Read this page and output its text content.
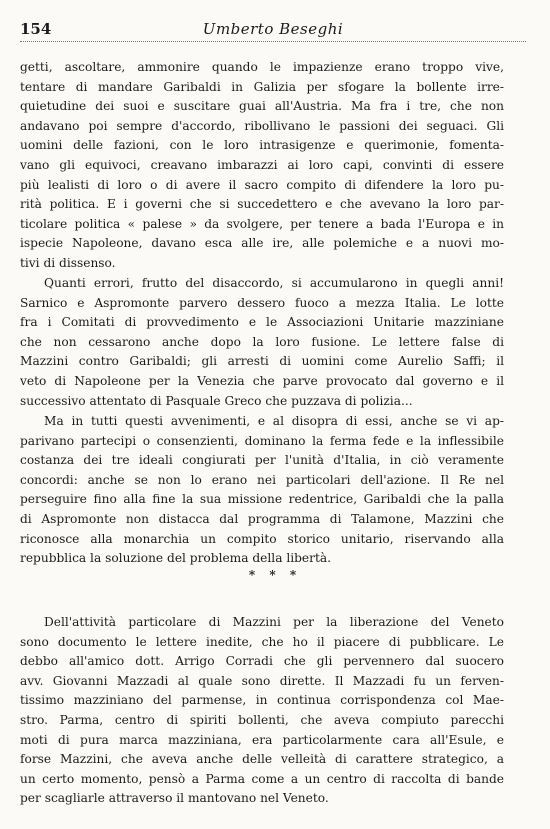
154	Umberto Beseghi
getti, ascoltare, ammonire quando le impazienze erano troppo vive,
tentare di mandare Garibaldi in Galizia per sfogare la bollente irre-
quietudine dei suoi e suscitare guai all'Austria. Ma fra i tre, che non
andavano poi sempre d'accordo, ribollivano le passioni dei seguaci. Gli
uomini delle fazioni, con le loro intrasigenze e querimonie, fomenta-
vano gli equivoci, creavano imbarazzi ai loro capi, convinti di essere
più lealisti di loro o di avere il sacro compito di difendere la loro pu-
rità politica. E i governi che si succedettero e che avevano la loro par-
ticolare politica « palese » da svolgere, per tenere a bada l'Europa e in
ispecie Napoleone, davano esca alle ire, alle polemiche e a nuovi mo-
tivi di dissenso.
Quanti errori, frutto del disaccordo, si accumularono in quegli anni!
Sarnico e Aspromonte parvero dessero fuoco a mezza Italia. Le lotte
fra i Comitati di provvedimento e le Associazioni Unitarie mazziniane
che non cessarono anche dopo la loro fusione. Le lettere false di
Mazzini contro Garibaldi; gli arresti di uomini come Aurelio Saffi; il
veto di Napoleone per la Venezia che parve provocato dal governo e il
successivo attentato di Pasquale Greco che puzzava di polizia...
Ma in tutti questi avvenimenti, e al disopra di essi, anche se vi ap-
parivano partecipi o consenzienti, dominano la ferma fede e la inflessibile
costanza dei tre ideali congiurati per l'unità d'Italia, in ciò veramente
concordi: anche se non lo erano nei particolari dell'azione. Il Re nel
perseguire fino alla fine la sua missione redentrice, Garibaldi che la palla
di Aspromonte non distacca dal programma di Talamone, Mazzini che
riconosce alla monarchia un compito storico unitario, riservando alla
repubblica la soluzione del problema della libertà.
* * *
Dell'attività particolare di Mazzini per la liberazione del Veneto
sono documento le lettere inedite, che ho il piacere di pubblicare. Le
debbo all'amico dott. Arrigo Corradi che gli pervennero dal suocero
avv. Giovanni Mazzadi al quale sono dirette. Il Mazzadi fu un ferven-
tissimo mazziniano del parmense, in continua corrispondenza col Mae-
stro. Parma, centro di spiriti bollenti, che aveva compiuto parecchi
moti di pura marca mazziniana, era particolarmente cara all'Esule, e
forse Mazzini, che aveva anche delle velleità di carattere strategico, a
un certo momento, pensò a Parma come a un centro di raccolta di bande
per scagliarle attraverso il mantovano nel Veneto.
